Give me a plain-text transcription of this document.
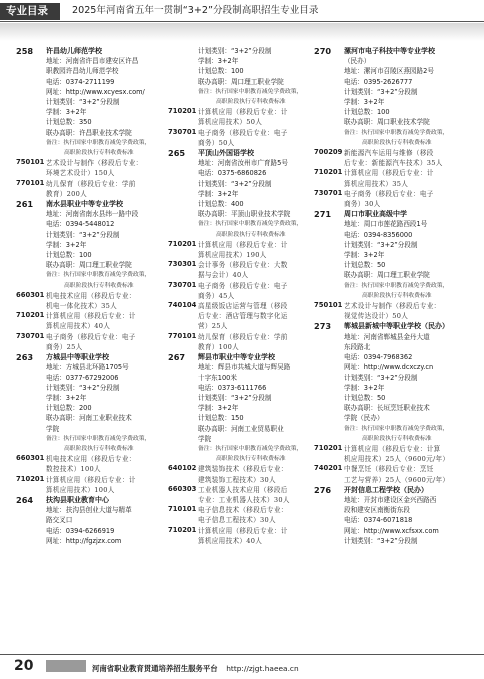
专业目录	2025年河南省五年一贯制“3+2”分段制高职招生专业目录
258 许昌幼儿师范学校
地址：河南省许昌市建安区许昌
职教园许昌幼儿师范学校
电话：0374-2711199
网址：http://www.xcyesx.com/
计划类别：“3+2”分段制
学制：3+2年
计划总数：350
联办高职：许昌职业技术学院
备注：执行国家中职教育减免学费政策，
高职阶段执行专科收费标准
750101 艺术设计与制作（移段后专业：
环境艺术设计）150人
770101 幼儿保育（移段后专业：学前
教育）200人
261 南水县职业中等专业学校
地址：河南省南水县纬一路中段
电话：0394-5448012
计划类别：“3+2”分段制
学制：3+2年
计划总数：100
联办高职：周口理工职业学院
备注：执行国家中职教育减免学费政策，
高职阶段执行专科收费标准
660301 机电技术应用（移段后专业：
机电一体化技术）35人
710201 计算机应用（移段后专业：计
算机应用技术）40人
730701 电子商务（移段后专业：电子
商务）25人
263 方城县中等职业学校
地址：方城县北环路1705号
电话：0377-67292006
计划类别：“3+2”分段制
学制：3+2年
计划总数：200
联办高职：河南工业职业技术
学院
备注：执行国家中职教育减免学费政策，
高职阶段执行专科收费标准
660301 机电技术应用（移段后专业：
数控技术）100人
710201 计算机应用（移段后专业：计
算机应用技术）100人
264 扶沟县职业教育中心
地址：扶沟县创业大道与精革
路交叉口
电话：0394-6266919
网址：http://fgzjzx.com
计划类别：“3+2”分段制
学制：3+2年
计划总数：100
联办高职：周口理工职业学院
备注：执行国家中职教育减免学费政策，
高职阶段执行专科收费标准
710201 计算机应用（移段后专业：计
算机应用技术）50人
730701 电子商务（移段后专业：电子
商务）50人
265 平顶山外国语学校
地址：河南省汝州市广育路5号
电话：0375-6860826
计划类别：“3+2”分段制
学制：3+2年
计划总数：400
联办高职：平顶山职业技术学院
备注：执行国家中职教育减免学费政策，
高职阶段执行专科收费标准
710201 计算机应用（移段后专业：计
算机应用技术）190人
730301 会计事务（移段后专业：大数
据与会计）40人
730701 电子商务（移段后专业：电子
商务）45人
740104 高星级饭店运营与管理（移段
后专业：酒店管理与数字化运
营）25人
770101 幼儿保育（移段后专业：学前
教育）100人
267 辉县市职业中等专业学校
地址：辉县市共城大道与辉吴路
十字东100米
电话：0373-6111766
计划类别：“3+2”分段制
学制：3+2年
计划总数：150
联办高职：河南工业贸易职业
学院
备注：执行国家中职教育减免学费政策，
高职阶段执行专科收费标准
640102 建筑装饰技术（移段后专业：
建筑装饰工程技术）30人
660303 工业机器人技术应用（移段后
专业：工业机器人技术）30人
710101 电子信息技术（移段后专业：
电子信息工程技术）30人
710201 计算机应用（移段后专业：计
算机应用技术）40人
270 漯河市电子科技中等专业学校
（民办）
地址：漯河市召陵区燕园路2号
电话：0395-2626777
计划类别：“3+2”分段制
学制：3+2年
计划总数：100
联办高职：周口职业技术学院
备注：执行国家中职教育减免学费政策，
高职阶段执行专科收费标准
700209 新能源汽车运用与维修（移段
后专业：新能源汽车技术）35人
710201 计算机应用（移段后专业：计
算机应用技术）35人
730701 电子商务（移段后专业：电子
商务）30人
271 周口市职业高级中学
地址：周口市莲花路西段1号
电话：0394-8356000
计划类别：“3+2”分段制
学制：3+2年
计划总数：50
联办高职：周口理工职业学院
备注：执行国家中职教育减免学费政策，
高职阶段执行专科收费标准
750101 艺术设计与制作（移段后专业：
视觉传达设计）50人
273 郸城县新城中等职业学校（民办）
地址：河南省郸城县金丹大道
东段路北
电话：0394-7968362
网址：http://www.dcxczy.cn
计划类别：“3+2”分段制
学制：3+2年
计划总数：50
联办高职：长垣烹饪职业技术
学院（民办）
备注：执行国家中职教育减免学费政策，
高职阶段执行专科收费标准
710201 计算机应用（移段后专业：计算
机应用技术）25人（9600元/年）
740201 中餐烹饪（移段后专业：烹饪
工艺与营养）25人（9600元/年）
276 开封信息工程学校（民办）
地址：开封市建设区金兴西路西
段和建安区南衡街东段
电话：0374-6071818
网址：http://www.xcfsxx.com
计划类别：“3+2”分段制
20	河南省职业教育贯通培养招生服务平台 http://zjgt.haeea.cn
